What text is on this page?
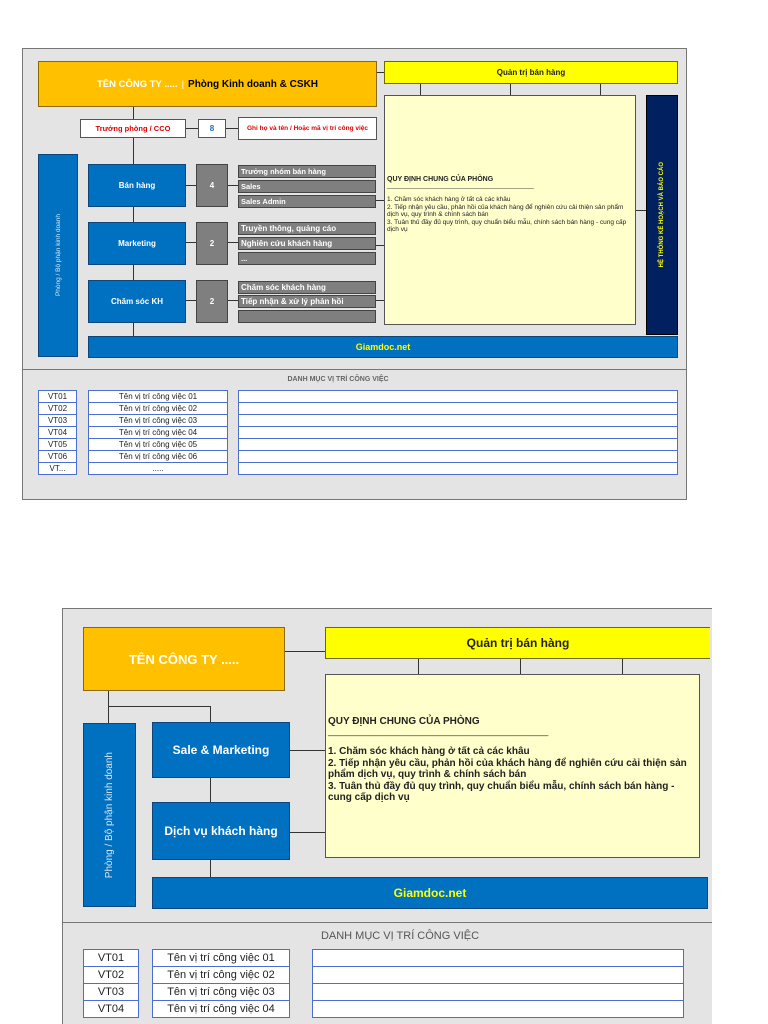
TÊN CÔNG TY ..... | Phòng Kinh doanh & CSKH
Quản trị bán hàng
Trưởng phòng / CCO	8	Ghi họ và tên / Hoặc mã vị trí công việc
Phòng / Bộ phận kinh doanh
Bán hàng	4
Trưởng nhóm bán hàng
Sales
Sales Admin
Marketing	2
Truyền thông, quảng cáo
Nghiên cứu khách hàng
...
Chăm sóc KH	2
Chăm sóc khách hàng
Tiếp nhận & xử lý phản hồi
QUY ĐỊNH CHUNG CỦA PHÒNG
____________________________________________
1. Chăm sóc khách hàng ở tất cả các khâu
2. Tiếp nhận yêu cầu, phản hồi của khách hàng để nghiên cứu cải thiện sản phẩm dịch vụ, quy trình & chính sách bán
3. Tuân thủ đầy đủ quy trình, quy chuẩn biểu mẫu, chính sách bán hàng - cung cấp dịch vụ	HỆ THỐNG KẾ HOẠCH VÀ BÁO CÁO
Giamdoc.net
DANH MỤC VỊ TRÍ CÔNG VIỆC
VT01	Tên vị trí công việc 01
VT02	Tên vị trí công việc 02
VT03	Tên vị trí công việc 03
VT04	Tên vị trí công việc 04
VT05	Tên vị trí công việc 05
VT06	Tên vị trí công việc 06
VT...	.....
TÊN CÔNG TY .....
Quản trị bán hàng
Phòng / Bộ phận kinh doanh
Sale & Marketing
Dịch vụ khách hàng
QUY ĐỊNH CHUNG CỦA PHÒNG
____________________________________________
1. Chăm sóc khách hàng ở tất cả các khâu
2. Tiếp nhận yêu cầu, phản hồi của khách hàng để nghiên cứu cải thiện sản phẩm dịch vụ, quy trình & chính sách bán
3. Tuân thủ đầy đủ quy trình, quy chuẩn biểu mẫu, chính sách bán hàng - cung cấp dịch vụ
Giamdoc.net
DANH MỤC VỊ TRÍ CÔNG VIỆC
VT01	Tên vị trí công việc 01
VT02	Tên vị trí công việc 02
VT03	Tên vị trí công việc 03
VT04	Tên vị trí công việc 04
